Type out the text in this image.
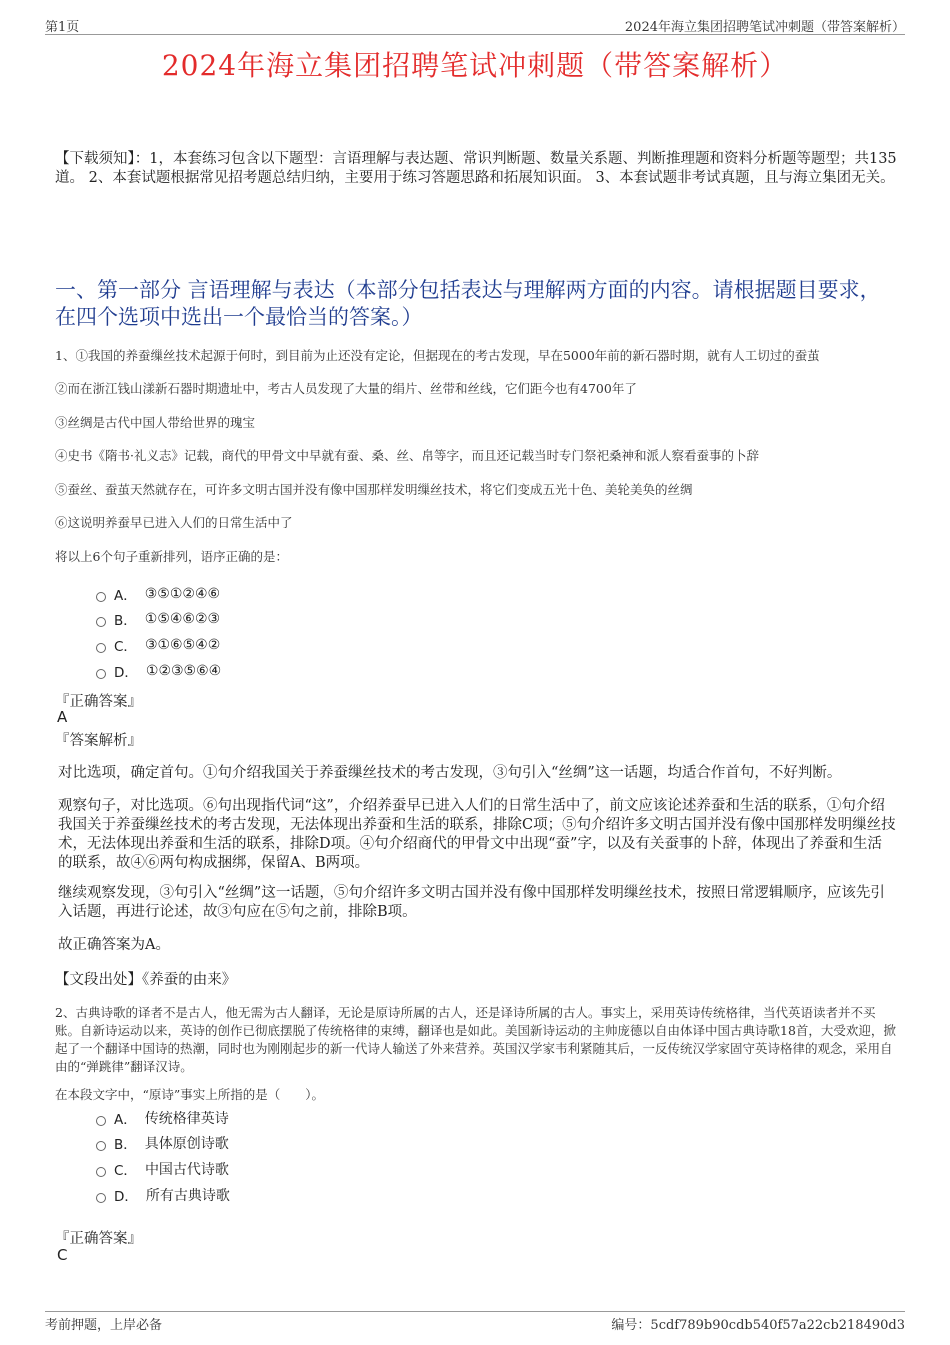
第1页	2024年海立集团招聘笔试冲刺题（带答案解析）
2024年海立集团招聘笔试冲刺题（带答案解析）
【下载须知】：1，本套练习包含以下题型：言语理解与表达题、常识判断题、数量关系题、判断推理题和资料分析题等题型；共135道。 2、本套试题根据常见招考题总结归纳，主要用于练习答题思路和拓展知识面。 3、本套试题非考试真题，且与海立集团无关。
一、第一部分 言语理解与表达（本部分包括表达与理解两方面的内容。请根据题目要求，在四个选项中选出一个最恰当的答案。）
1、①我国的养蚕缫丝技术起源于何时，到目前为止还没有定论，但据现在的考古发现，早在5000年前的新石器时期，就有人工切过的蚕茧
②而在浙江钱山漾新石器时期遗址中，考古人员发现了大量的绢片、丝带和丝线，它们距今也有4700年了
③丝绸是古代中国人带给世界的瑰宝
④史书《隋书·礼义志》记载，商代的甲骨文中早就有蚕、桑、丝、帛等字，而且还记载当时专门祭祀桑神和派人察看蚕事的卜辞
⑤蚕丝、蚕茧天然就存在，可许多文明古国并没有像中国那样发明缫丝技术，将它们变成五光十色、美轮美奂的丝绸
⑥这说明养蚕早已进入人们的日常生活中了
将以上6个句子重新排列，语序正确的是：
A． ③⑤①②④⑥
B． ①⑤④⑥②③
C． ③①⑥⑤④②
D． ①②③⑤⑥④
『正确答案』
A
『答案解析』
对比选项，确定首句。①句介绍我国关于养蚕缫丝技术的考古发现，③句引入“丝绸”这一话题，均适合作首句，不好判断。
观察句子，对比选项。⑥句出现指代词“这”，介绍养蚕早已进入人们的日常生活中了，前文应该论述养蚕和生活的联系，①句介绍我国关于养蚕缫丝技术的考古发现，无法体现出养蚕和生活的联系，排除C项；⑤句介绍许多文明古国并没有像中国那样发明缫丝技术，无法体现出养蚕和生活的联系，排除D项。④句介绍商代的甲骨文中出现“蚕”字，以及有关蚕事的卜辞，体现出了养蚕和生活的联系，故④⑥两句构成捆绑，保留A、B两项。
继续观察发现，③句引入“丝绸”这一话题，⑤句介绍许多文明古国并没有像中国那样发明缫丝技术，按照日常逻辑顺序，应该先引入话题，再进行论述，故③句应在⑤句之前，排除B项。
故正确答案为A。
【文段出处】《养蚕的由来》
2、古典诗歌的译者不是古人，他无需为古人翻译，无论是原诗所属的古人，还是译诗所属的古人。事实上，采用英诗传统格律，当代英语读者并不买账。自新诗运动以来，英诗的创作已彻底摆脱了传统格律的束缚，翻译也是如此。美国新诗运动的主帅庞德以自由体译中国古典诗歌18首，大受欢迎，掀起了一个翻译中国诗的热潮，同时也为刚刚起步的新一代诗人输送了外来营养。英国汉学家韦利紧随其后，一反传统汉学家固守英诗格律的观念，采用自由的“弹跳律”翻译汉诗。
在本段文字中，“原诗”事实上所指的是（　　）。
A． 传统格律英诗
B． 具体原创诗歌
C． 中国古代诗歌
D． 所有古典诗歌
『正确答案』
C
考前押题，上岸必备	编号：5cdf789b90cdb540f57a22cb218490d3
